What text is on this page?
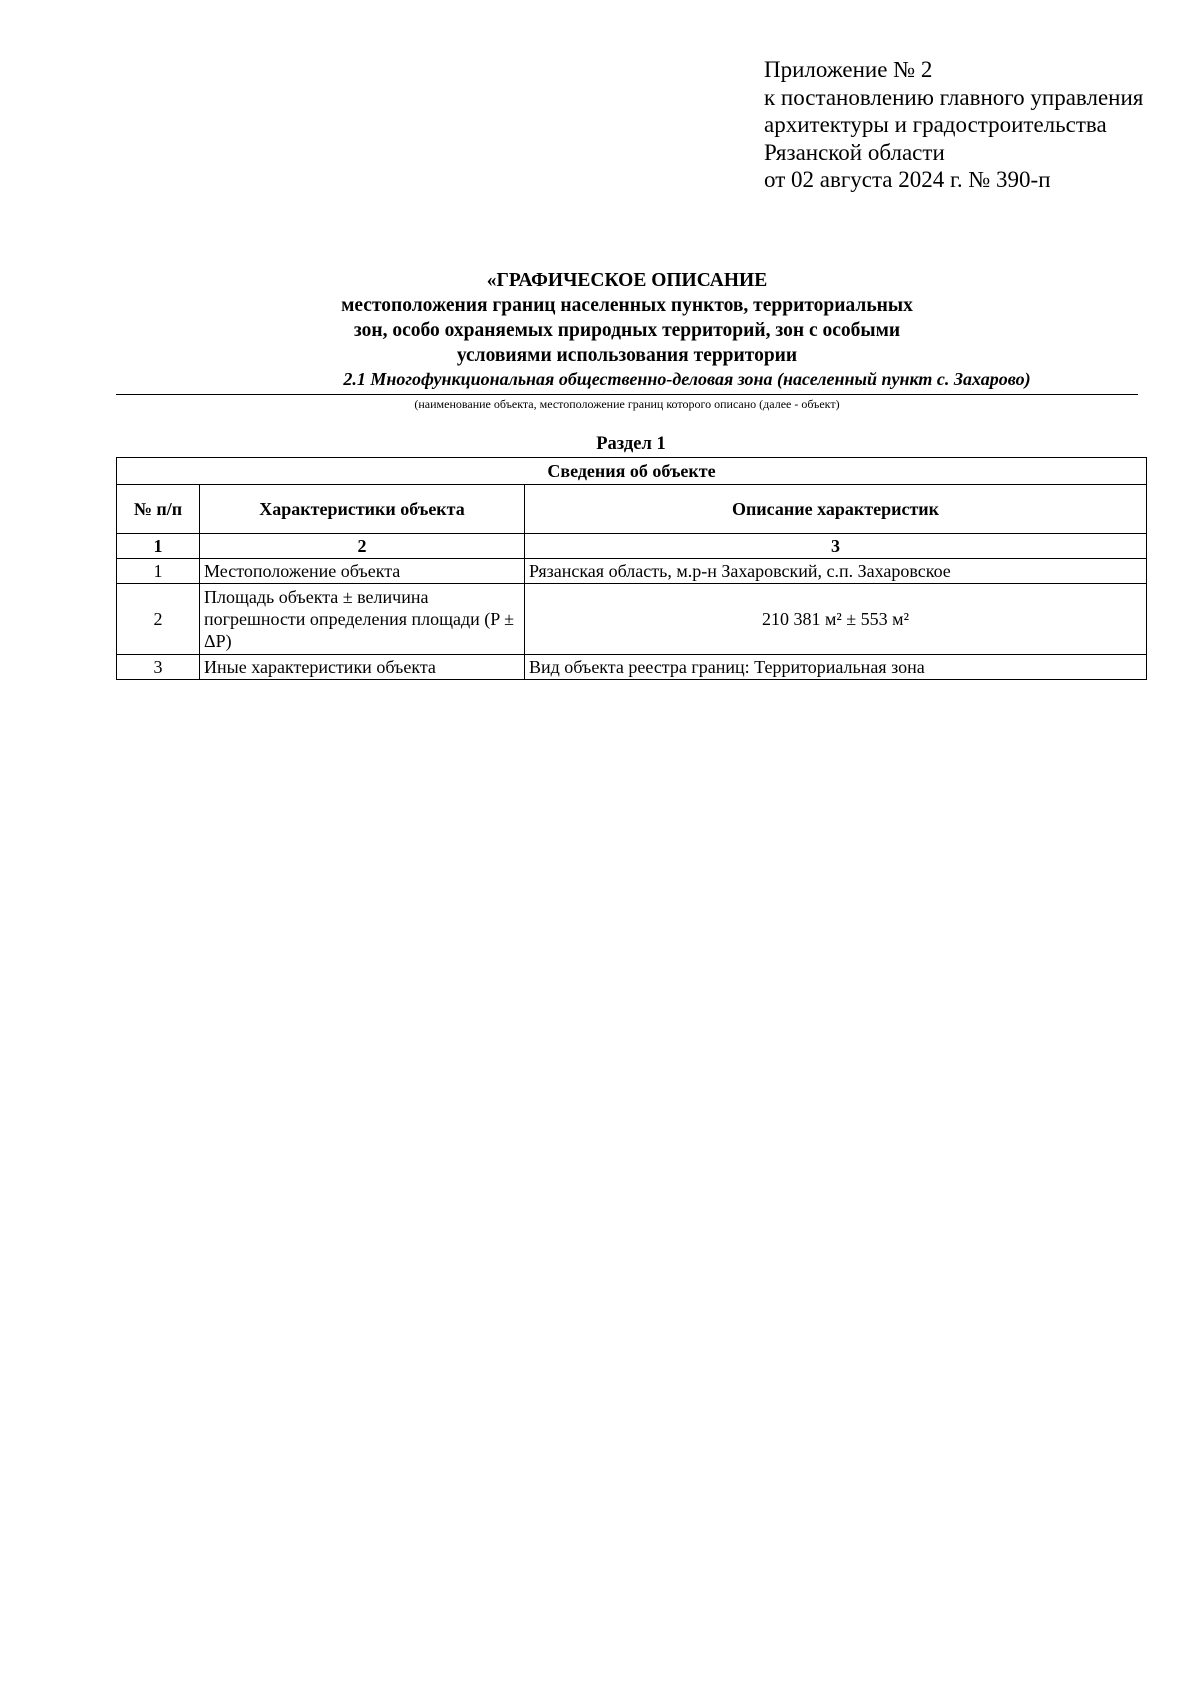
Приложение № 2
к постановлению главного управления
архитектуры и градостроительства
Рязанской области
от 02 августа 2024 г. № 390-п
«ГРАФИЧЕСКОЕ ОПИСАНИЕ
местоположения границ населенных пунктов, территориальных
зон, особо охраняемых природных территорий, зон с особыми
условиями использования территории
2.1 Многофункциональная общественно-деловая зона (населенный пункт с. Захарово)
(наименование объекта, местоположение границ которого описано (далее - объект)
Раздел 1
Сведения об объекте		
№ п/п	Характеристики объекта	Описание характеристик
1	2	3
1	Местоположение объекта	Рязанская область, м.р-н Захаровский, с.п. Захаровское
2	Площадь объекта ± величина погрешности определения площади (P ± ΔP)	210 381 м² ± 553 м²
3	Иные характеристики объекта	Вид объекта реестра границ: Территориальная зона
